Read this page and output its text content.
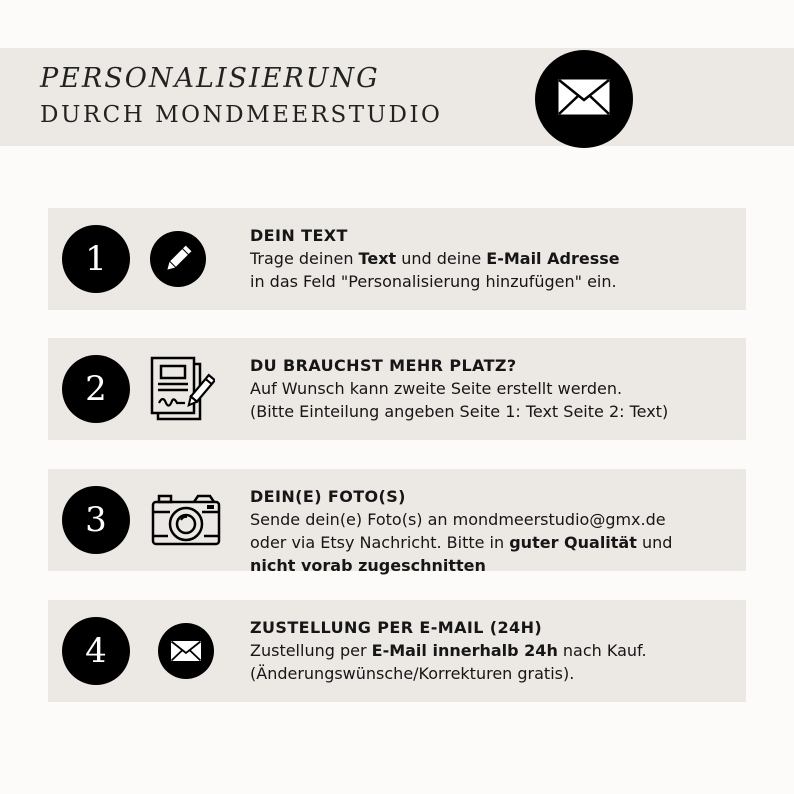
PERSONALISIERUNG
DURCH MONDMEERSTUDIO
1
DEIN TEXT
Trage deinen Text und deine E-Mail Adresse
in das Feld "Personalisierung hinzufügen" ein.
2
DU BRAUCHST MEHR PLATZ?
Auf Wunsch kann zweite Seite erstellt werden.
(Bitte Einteilung angeben Seite 1: Text Seite 2: Text)
3
DEIN(E) FOTO(S)
Sende dein(e) Foto(s) an mondmeerstudio@gmx.de
oder via Etsy Nachricht. Bitte in guter Qualität und
nicht vorab zugeschnitten
4
ZUSTELLUNG PER E-MAIL (24H)
Zustellung per E-Mail innerhalb 24h nach Kauf.
(Änderungswünsche/Korrekturen gratis).
